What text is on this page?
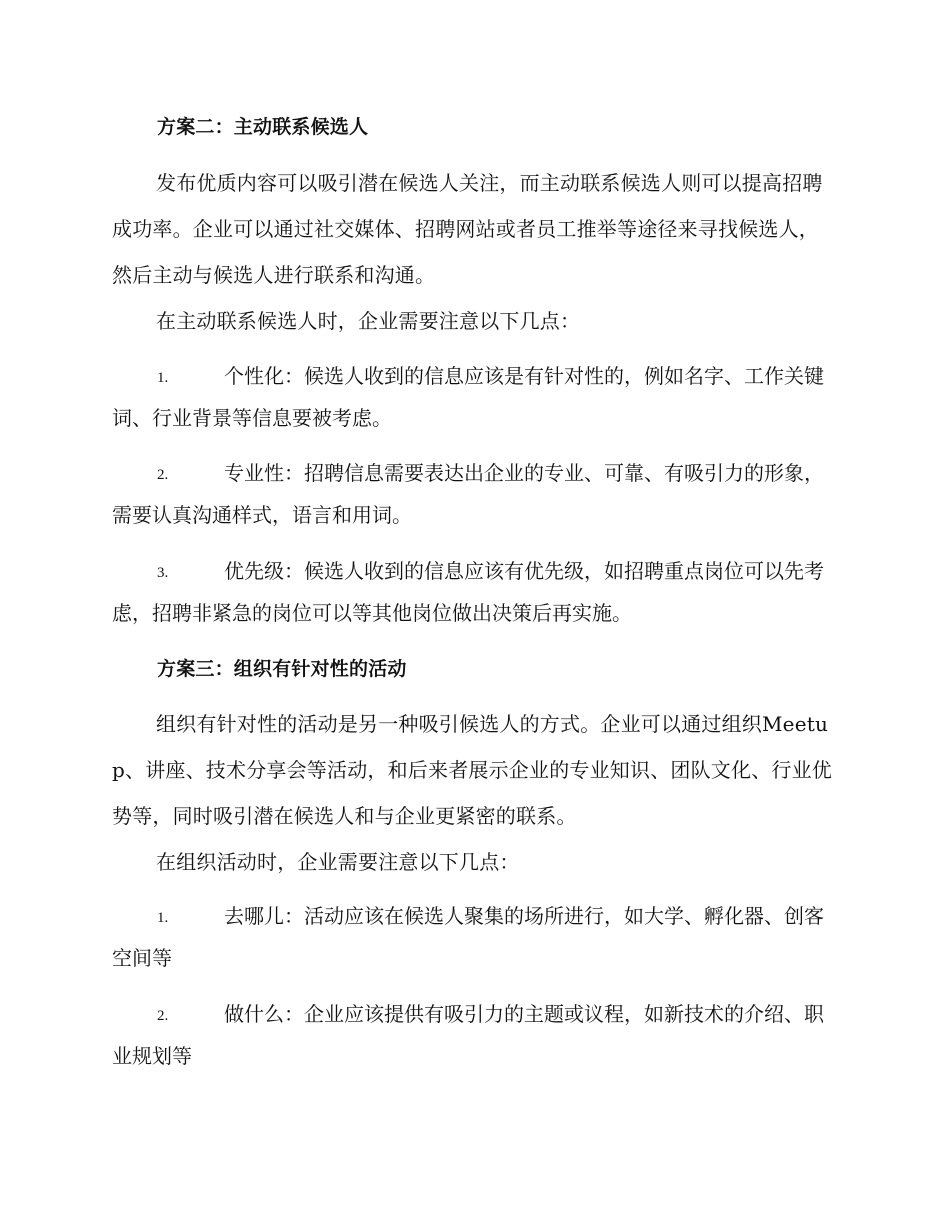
方案二：主动联系候选人
发布优质内容可以吸引潜在候选人关注，而主动联系候选人则可以提高招聘成功率。企业可以通过社交媒体、招聘网站或者员工推举等途径来寻找候选人，然后主动与候选人进行联系和沟通。
在主动联系候选人时，企业需要注意以下几点：
1.	个性化：候选人收到的信息应该是有针对性的，例如名字、工作关键词、行业背景等信息要被考虑。
2.	专业性：招聘信息需要表达出企业的专业、可靠、有吸引力的形象，需要认真沟通样式，语言和用词。
3.	优先级：候选人收到的信息应该有优先级，如招聘重点岗位可以先考虑，招聘非紧急的岗位可以等其他岗位做出决策后再实施。
方案三：组织有针对性的活动
组织有针对性的活动是另一种吸引候选人的方式。企业可以通过组织Meetup、讲座、技术分享会等活动，和后来者展示企业的专业知识、团队文化、行业优势等，同时吸引潜在候选人和与企业更紧密的联系。
在组织活动时，企业需要注意以下几点：
1.	去哪儿：活动应该在候选人聚集的场所进行，如大学、孵化器、创客空间等
2.	做什么：企业应该提供有吸引力的主题或议程，如新技术的介绍、职业规划等
